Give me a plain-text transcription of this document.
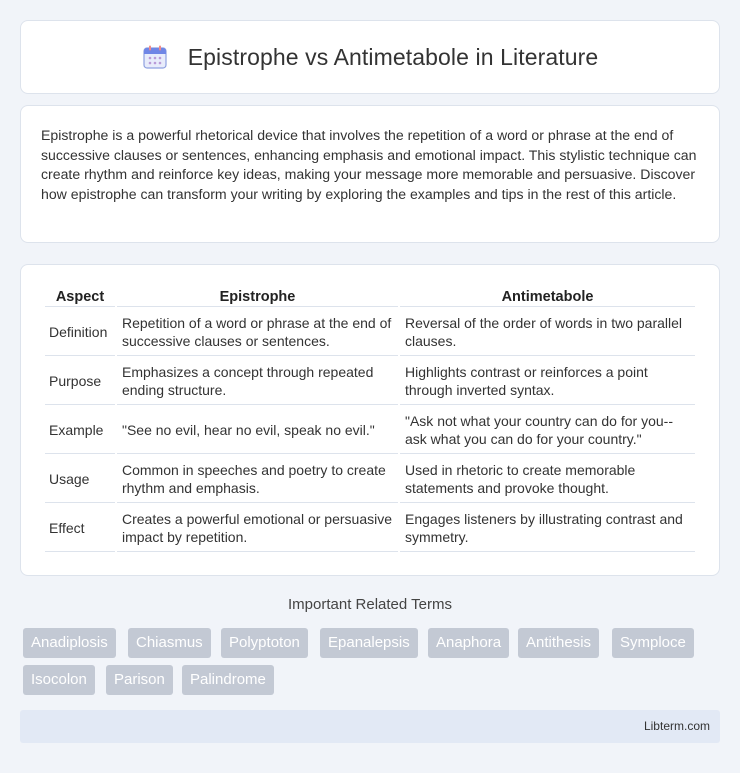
Epistrophe vs Antimetabole in Literature

Epistrophe is a powerful rhetorical device that involves the repetition of a word or phrase at the end of successive clauses or sentences, enhancing emphasis and emotional impact. This stylistic technique can create rhythm and reinforce key ideas, making your message more memorable and persuasive. Discover how epistrophe can transform your writing by exploring the examples and tips in the rest of this article.

Aspect	Epistrophe	Antimetabole
Definition	Repetition of a word or phrase at the end of successive clauses or sentences.	Reversal of the order of words in two parallel clauses.
Purpose	Emphasizes a concept through repeated ending structure.	Highlights contrast or reinforces a point through inverted syntax.
Example	"See no evil, hear no evil, speak no evil."	"Ask not what your country can do for you--ask what you can do for your country."
Usage	Common in speeches and poetry to create rhythm and emphasis.	Used in rhetoric to create memorable statements and provoke thought.
Effect	Creates a powerful emotional or persuasive impact by repetition.	Engages listeners by illustrating contrast and symmetry.
Important Related Terms
Anadiplosis	Chiasmus	Polyptoton	Epanalepsis	Anaphora	Antithesis	Symploce
Isocolon	Parison	Palindrome
Libterm.com
